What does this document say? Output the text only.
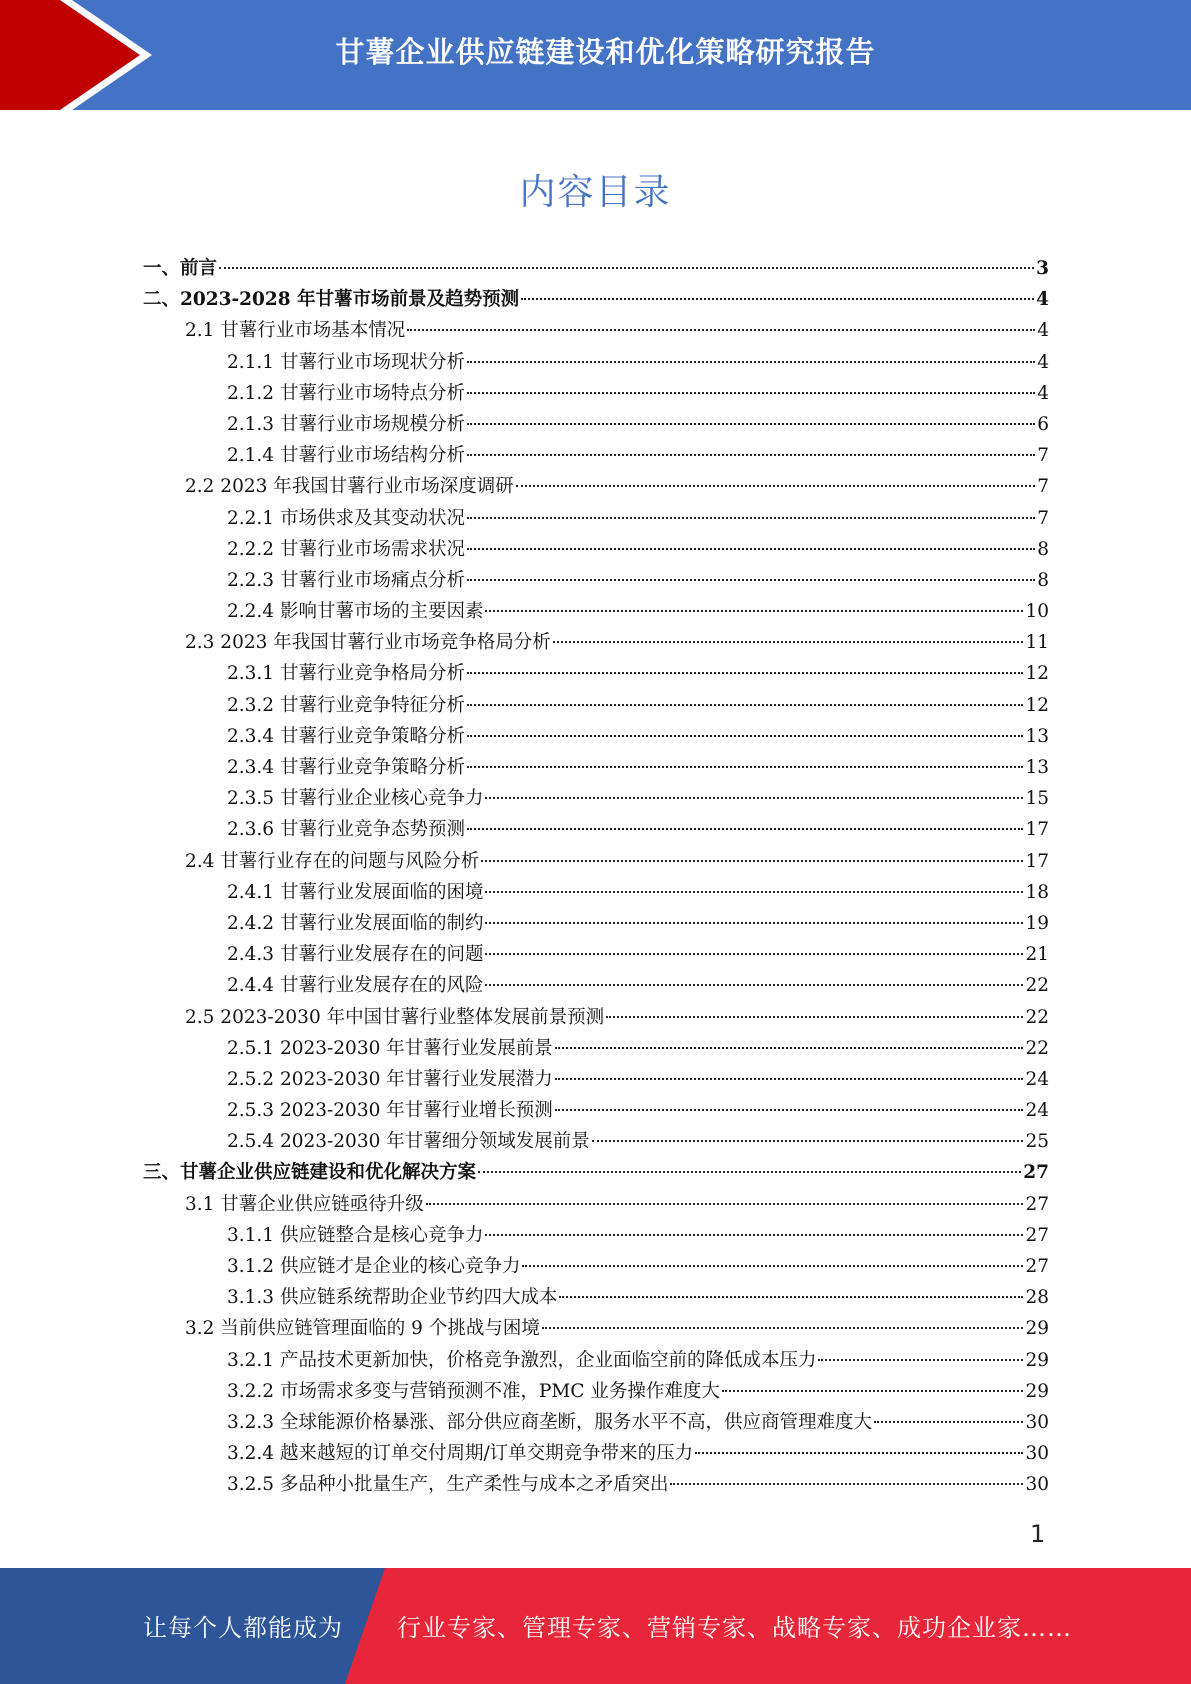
甘薯企业供应链建设和优化策略研究报告
内容目录
一、前言	3
二、2023-2028 年甘薯市场前景及趋势预测	4
2.1 甘薯行业市场基本情况	4
2.1.1 甘薯行业市场现状分析	4
2.1.2 甘薯行业市场特点分析	4
2.1.3 甘薯行业市场规模分析	6
2.1.4 甘薯行业市场结构分析	7
2.2 2023 年我国甘薯行业市场深度调研	7
2.2.1 市场供求及其变动状况	7
2.2.2 甘薯行业市场需求状况	8
2.2.3 甘薯行业市场痛点分析	8
2.2.4 影响甘薯市场的主要因素	10
2.3 2023 年我国甘薯行业市场竞争格局分析	11
2.3.1 甘薯行业竞争格局分析	12
2.3.2 甘薯行业竞争特征分析	12
2.3.4 甘薯行业竞争策略分析	13
2.3.4 甘薯行业竞争策略分析	13
2.3.5 甘薯行业企业核心竞争力	15
2.3.6 甘薯行业竞争态势预测	17
2.4 甘薯行业存在的问题与风险分析	17
2.4.1 甘薯行业发展面临的困境	18
2.4.2 甘薯行业发展面临的制约	19
2.4.3 甘薯行业发展存在的问题	21
2.4.4 甘薯行业发展存在的风险	22
2.5 2023-2030 年中国甘薯行业整体发展前景预测	22
2.5.1 2023-2030 年甘薯行业发展前景	22
2.5.2 2023-2030 年甘薯行业发展潜力	24
2.5.3 2023-2030 年甘薯行业增长预测	24
2.5.4 2023-2030 年甘薯细分领域发展前景	25
三、甘薯企业供应链建设和优化解决方案	27
3.1 甘薯企业供应链亟待升级	27
3.1.1 供应链整合是核心竞争力	27
3.1.2 供应链才是企业的核心竞争力	27
3.1.3 供应链系统帮助企业节约四大成本	28
3.2 当前供应链管理面临的 9 个挑战与困境	29
3.2.1 产品技术更新加快，价格竞争激烈，企业面临空前的降低成本压力	29
3.2.2 市场需求多变与营销预测不准，PMC 业务操作难度大	29
3.2.3 全球能源价格暴涨、部分供应商垄断，服务水平不高，供应商管理难度大	30
3.2.4 越来越短的订单交付周期/订单交期竞争带来的压力	30
3.2.5 多品种小批量生产，生产柔性与成本之矛盾突出	30
1
让每个人都能成为 行业专家、管理专家、营销专家、战略专家、成功企业家……
